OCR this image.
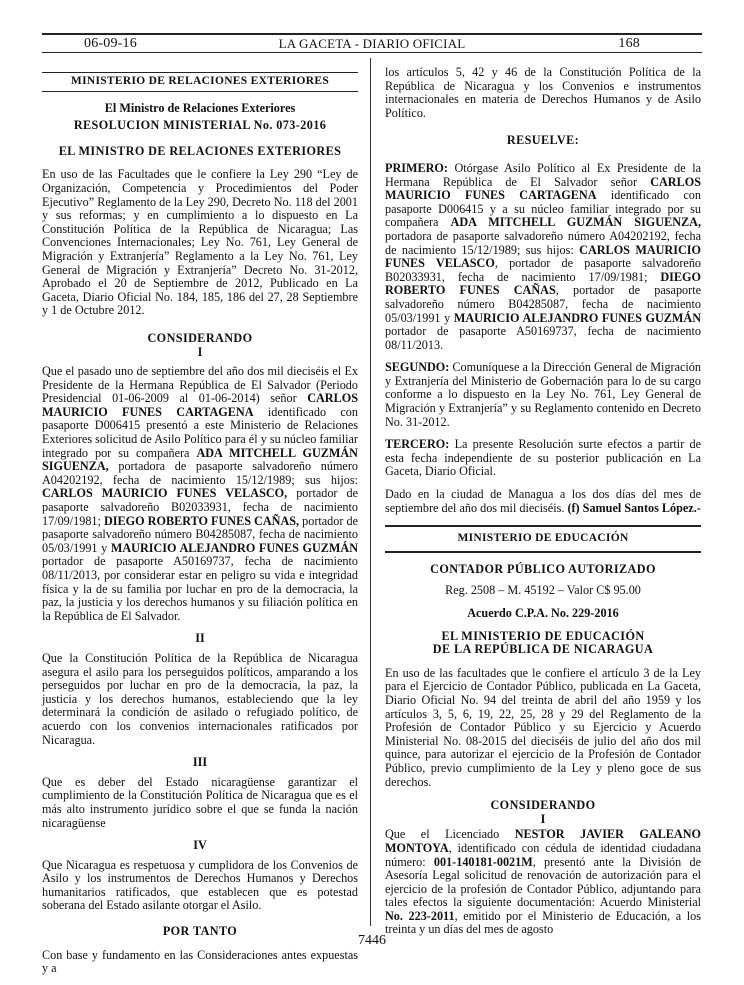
LA GACETA - DIARIO OFICIAL
06-09-16	168
MINISTERIO DE RELACIONES EXTERIORES

El Ministro de Relaciones Exteriores

RESOLUCION MINISTERIAL No. 073-2016

EL MINISTRO DE RELACIONES EXTERIORES

En uso de las Facultades que le confiere la Ley 290 “Ley de Organización, Competencia y Procedimientos del Poder Ejecutivo” Reglamento de la Ley 290, Decreto No. 118 del 2001 y sus reformas; y en cumplimiento a lo dispuesto en La Constitución Política de la República de Nicaragua; Las Convenciones Internacionales; Ley No. 761, Ley General de Migración y Extranjería” Reglamento a la Ley No. 761, Ley General de Migración y Extranjería” Decreto No. 31-2012, Aprobado el 20 de Septiembre de 2012, Publicado en La Gaceta, Diario Oficial No. 184, 185, 186 del 27, 28 Septiembre y 1 de Octubre 2012.

CONSIDERANDO

I

Que el pasado uno de septiembre del año dos mil dieciséis el Ex Presidente de la Hermana República de El Salvador (Periodo Presidencial 01-06-2009 al 01-06-2014) señor CARLOS MAURICIO FUNES CARTAGENA identificado con pasaporte D006415 presentó a este Ministerio de Relaciones Exteriores solicitud de Asilo Político para él y su núcleo familiar integrado por su compañera ADA MITCHELL GUZMÁN SIGUENZA, portadora de pasaporte salvadoreño número A04202192, fecha de nacimiento 15/12/1989; sus hijos: CARLOS MAURICIO FUNES VELASCO, portador de pasaporte salvadoreño B02033931, fecha de nacimiento 17/09/1981; DIEGO ROBERTO FUNES CAÑAS, portador de pasaporte salvadoreño número B04285087, fecha de nacimiento 05/03/1991 y MAURICIO ALEJANDRO FUNES GUZMÁN portador de pasaporte A50169737, fecha de nacimiento 08/11/2013, por considerar estar en peligro su vida e integridad física y la de su familia por luchar en pro de la democracia, la paz, la justicia y los derechos humanos y su filiación política en la República de El Salvador.

II

Que la Constitución Política de la República de Nicaragua asegura el asilo para los perseguidos políticos, amparando a los perseguidos por luchar en pro de la democracia, la paz, la justicia y los derechos humanos, estableciendo que la ley determinará la condición de asilado o refugiado político, de acuerdo con los convenios internacionales ratificados por Nicaragua.

III

Que es deber del Estado nicaragüense garantizar el cumplimiento de la Constitución Política de Nicaragua que es el más alto instrumento jurídico sobre el que se funda la nación nicaragüense

IV

Que Nicaragua es respetuosa y cumplidora de los Convenios de Asilo y los instrumentos de Derechos Humanos y Derechos humanitarios ratificados, que establecen que es potestad soberana del Estado asilante otorgar el Asilo.

POR TANTO

Con base y fundamento en las Consideraciones antes expuestas y a

los artículos 5, 42 y 46 de la Constitución Política de la República de Nicaragua y los Convenios e instrumentos internacionales en materia de Derechos Humanos y de Asilo Político.

RESUELVE:

PRIMERO: Otórgase Asilo Político al Ex Presidente de la Hermana República de El Salvador señor CARLOS MAURICIO FUNES CARTAGENA identificado con pasaporte D006415 y a su núcleo familiar integrado por su compañera ADA MITCHELL GUZMÁN SIGUENZA, portadora de pasaporte salvadoreño número A04202192, fecha de nacimiento 15/12/1989; sus hijos: CARLOS MAURICIO FUNES VELASCO, portador de pasaporte salvadoreño B02033931, fecha de nacimiento 17/09/1981; DIEGO ROBERTO FUNES CAÑAS, portador de pasaporte salvadoreño número B04285087, fecha de nacimiento 05/03/1991 y MAURICIO ALEJANDRO FUNES GUZMÁN portador de pasaporte A50169737, fecha de nacimiento 08/11/2013.

SEGUNDO: Comuníquese a la Dirección General de Migración y Extranjería del Ministerio de Gobernación para lo de su cargo conforme a lo dispuesto en la Ley No. 761, Ley General de Migración y Extranjería” y su Reglamento contenido en Decreto No. 31-2012.

TERCERO: La presente Resolución surte efectos a partir de esta fecha independiente de su posterior publicación en La Gaceta, Diario Oficial.

Dado en la ciudad de Managua a los dos días del mes de septiembre del año dos mil dieciséis. (f) Samuel Santos López.-

MINISTERIO DE EDUCACIÓN

CONTADOR PÚBLICO AUTORIZADO

Reg. 2508 – M. 45192 – Valor C$ 95.00

Acuerdo C.P.A. No. 229-2016

EL MINISTERIO DE EDUCACIÓN

DE LA REPÚBLICA DE NICARAGUA

En uso de las facultades que le confiere el artículo 3 de la Ley para el Ejercicio de Contador Público, publicada en La Gaceta, Diario Oficial No. 94 del treinta de abril del año 1959 y los artículos 3, 5, 6, 19, 22, 25, 28 y 29 del Reglamento de la Profesión de Contador Público y su Ejercicio y Acuerdo Ministerial No. 08-2015 del dieciséis de julio del año dos mil quince, para autorizar el ejercicio de la Profesión de Contador Público, previo cumplimiento de la Ley y pleno goce de sus derechos.

CONSIDERANDO

I

Que el Licenciado NESTOR JAVIER GALEANO MONTOYA, identificado con cédula de identidad ciudadana número: 001-140181-0021M, presentó ante la División de Asesoría Legal solicitud de renovación de autorización para el ejercicio de la profesión de Contador Público, adjuntando para tales efectos la siguiente documentación: Acuerdo Ministerial No. 223-2011, emitido por el Ministerio de Educación, a los treinta y un días del mes de agosto

7446
